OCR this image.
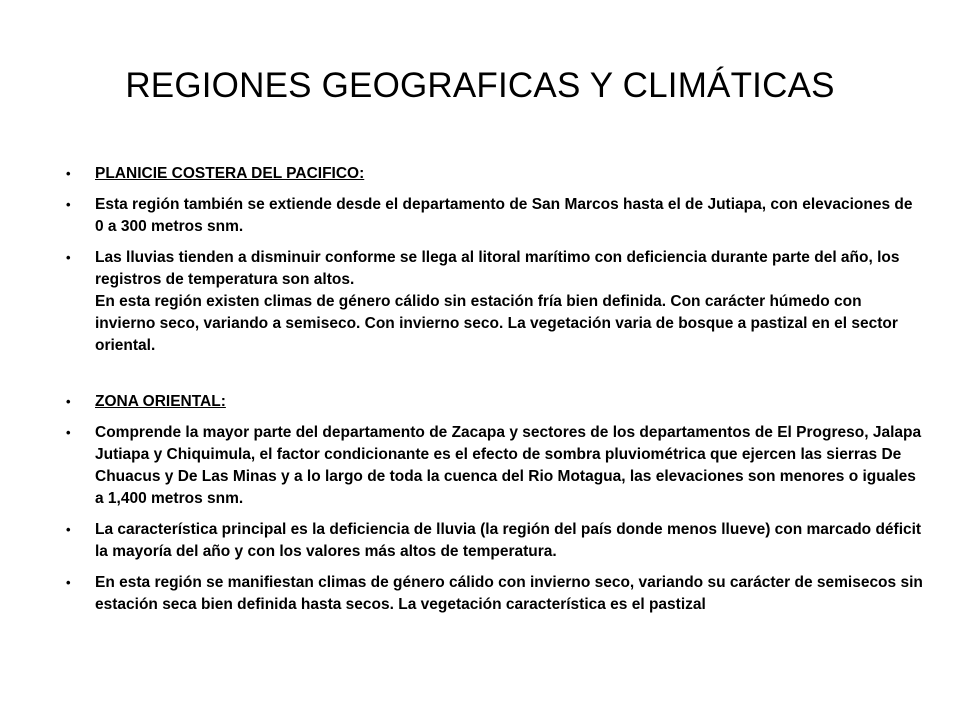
REGIONES GEOGRAFICAS Y CLIMÁTICAS
• PLANICIE COSTERA DEL PACIFICO:
• Esta región también se extiende desde el departamento de San Marcos hasta el de Jutiapa, con elevaciones de 0 a 300 metros snm.
• Las lluvias tienden a disminuir conforme se llega al litoral marítimo con deficiencia durante parte del año, los registros de temperatura son altos.
En esta región existen climas de género cálido sin estación fría bien definida. Con carácter húmedo con invierno seco, variando a semiseco. Con invierno seco. La vegetación varia de bosque a pastizal en el sector oriental.
• ZONA ORIENTAL:
• Comprende la mayor parte del departamento de Zacapa y sectores de los departamentos de El Progreso, Jalapa Jutiapa y Chiquimula, el factor condicionante es el efecto de sombra pluviométrica que ejercen las sierras De Chuacus y De Las Minas y a lo largo de toda la cuenca del Rio Motagua, las elevaciones son menores o iguales a 1,400 metros snm.
• La característica principal es la deficiencia de lluvia (la región del país donde menos llueve) con marcado déficit la mayoría del año y con los valores más altos de temperatura.
• En esta región se manifiestan climas de género cálido con invierno seco, variando su carácter de semisecos sin estación seca bien definida hasta secos. La vegetación característica es el pastizal
